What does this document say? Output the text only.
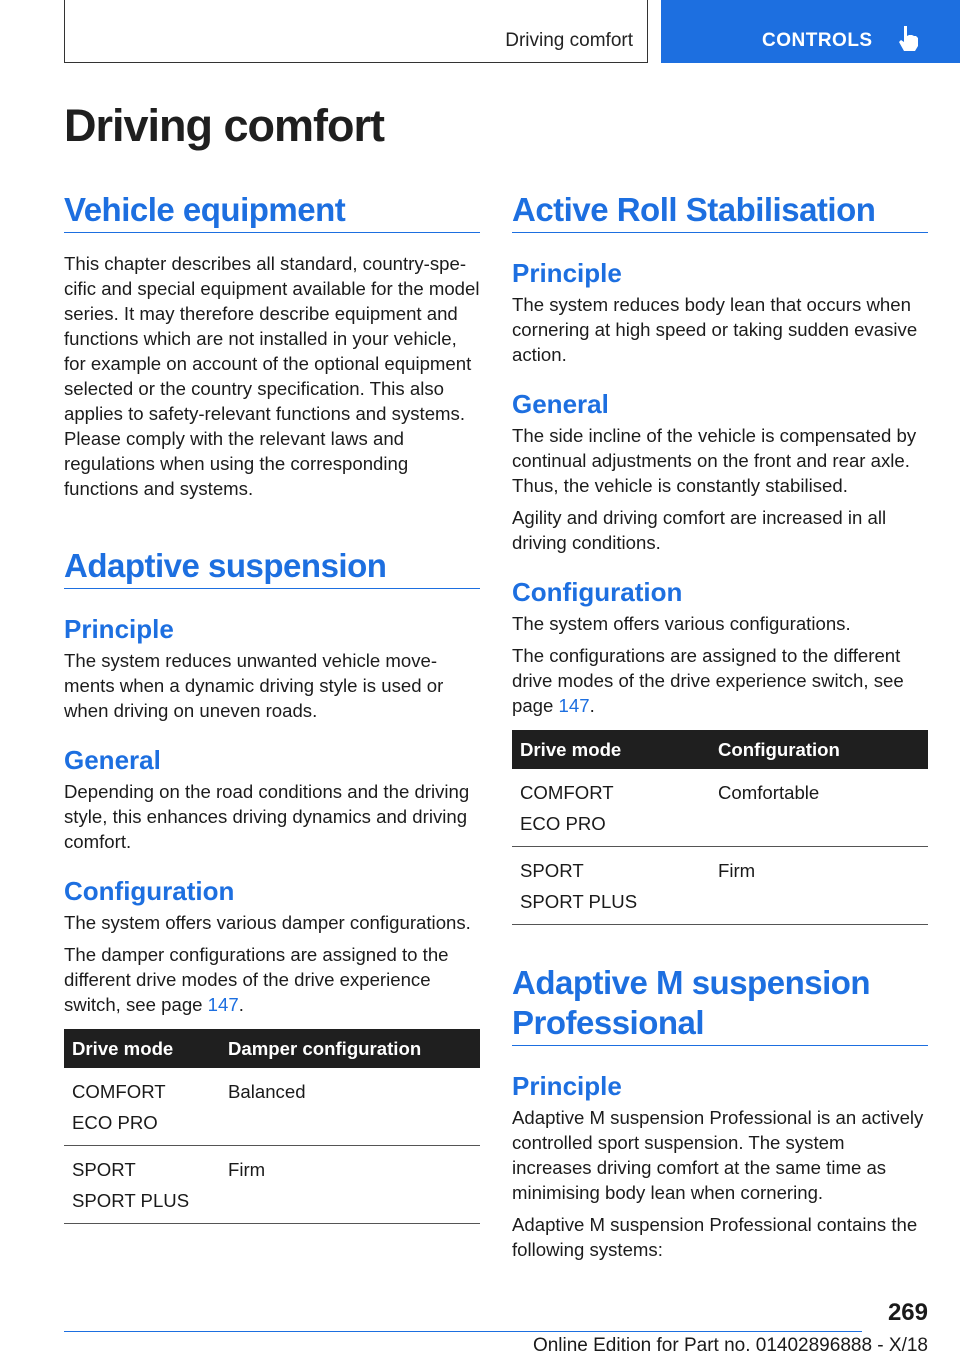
Driving comfort	CONTROLS
Driving comfort
Vehicle equipment

This chapter describes all standard, country-specific and special equipment available for the model series. It may therefore describe equipment and functions which are not installed in your vehicle, for example on account of the optional equipment selected or the country specification. This also applies to safety-relevant functions and systems. Please comply with the relevant laws and regulations when using the corresponding functions and systems.

Adaptive suspension
Principle

The system reduces unwanted vehicle movements when a dynamic driving style is used or when driving on uneven roads.

General

Depending on the road conditions and the driving style, this enhances driving dynamics and driving comfort.

Configuration

The system offers various damper configurations.

The damper configurations are assigned to the different drive modes of the drive experience switch, see page 147.

Drive mode	Damper configuration

COMFORT
ECO PRO	Balanced

SPORT
SPORT PLUS	Firm
Active Roll Stabilisation
Principle

The system reduces body lean that occurs when cornering at high speed or taking sudden evasive action.

General

The side incline of the vehicle is compensated by continual adjustments on the front and rear axle. Thus, the vehicle is constantly stabilised.

Agility and driving comfort are increased in all driving conditions.

Configuration

The system offers various configurations.

The configurations are assigned to the different drive modes of the drive experience switch, see page 147.

Drive mode	Configuration

COMFORT
ECO PRO	Comfortable

SPORT
SPORT PLUS	Firm
Adaptive M suspension Professional
Principle

Adaptive M suspension Professional is an actively controlled sport suspension. The system increases driving comfort at the same time as minimising body lean when cornering.

Adaptive M suspension Professional contains the following systems:

269
Online Edition for Part no. 01402896888 - X/18
